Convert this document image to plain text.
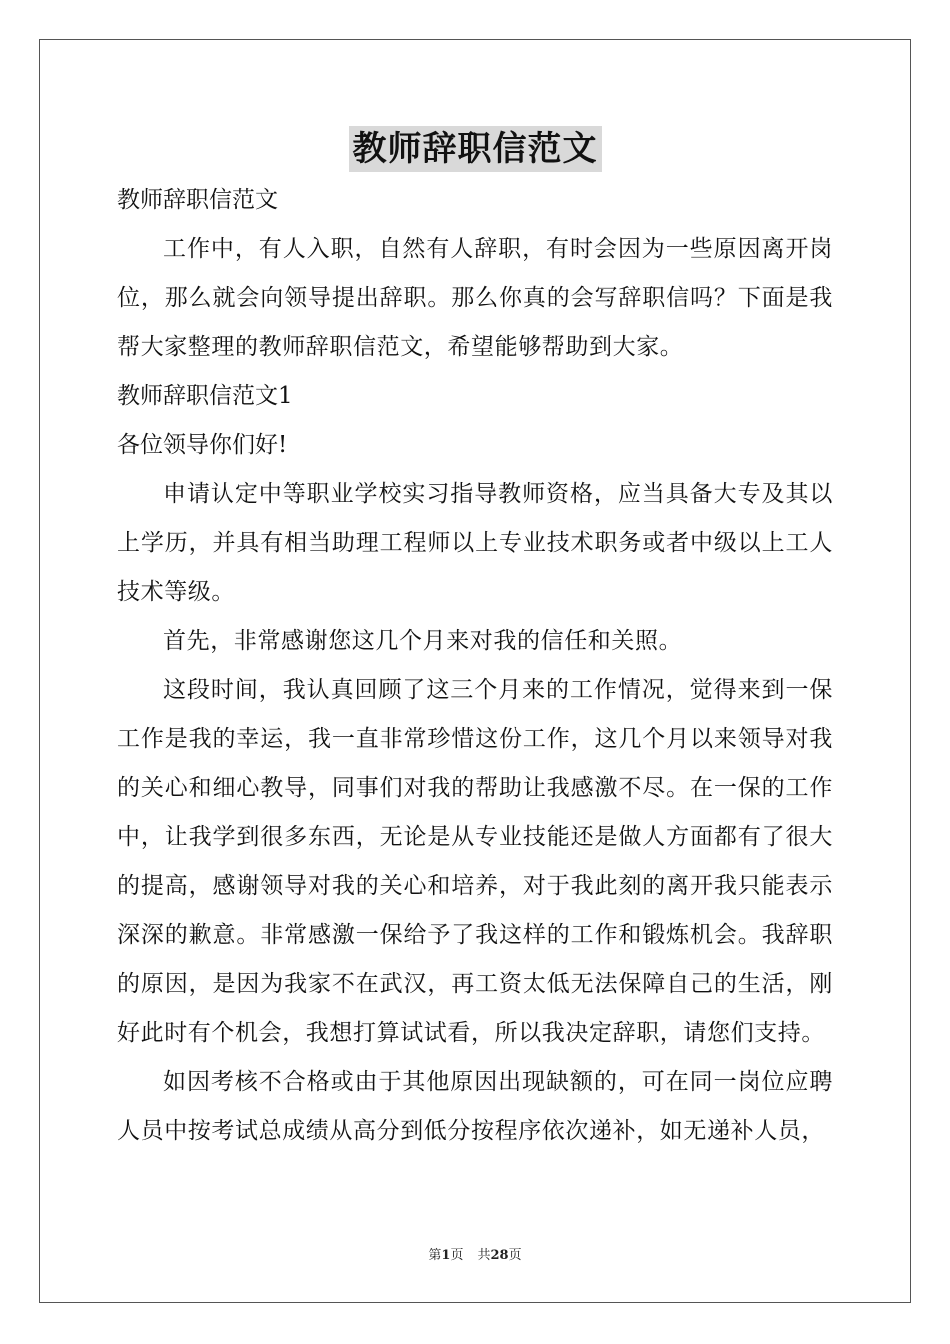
教师辞职信范文

教师辞职信范文

工作中，有人入职，自然有人辞职，有时会因为一些原因离开岗位，那么就会向领导提出辞职。那么你真的会写辞职信吗？下面是我帮大家整理的教师辞职信范文，希望能够帮助到大家。

教师辞职信范文1

各位领导你们好!

申请认定中等职业学校实习指导教师资格，应当具备大专及其以上学历，并具有相当助理工程师以上专业技术职务或者中级以上工人技术等级。

首先，非常感谢您这几个月来对我的信任和关照。

这段时间，我认真回顾了这三个月来的工作情况，觉得来到一保工作是我的幸运，我一直非常珍惜这份工作，这几个月以来领导对我的关心和细心教导，同事们对我的帮助让我感激不尽。在一保的工作中，让我学到很多东西，无论是从专业技能还是做人方面都有了很大的提高，感谢领导对我的关心和培养，对于我此刻的离开我只能表示深深的歉意。非常感激一保给予了我这样的工作和锻炼机会。我辞职的原因，是因为我家不在武汉，再工资太低无法保障自己的生活，刚好此时有个机会，我想打算试试看，所以我决定辞职，请您们支持。

如因考核不合格或由于其他原因出现缺额的，可在同一岗位应聘人员中按考试总成绩从高分到低分按程序依次递补，如无递补人员，

第1页 共28页
